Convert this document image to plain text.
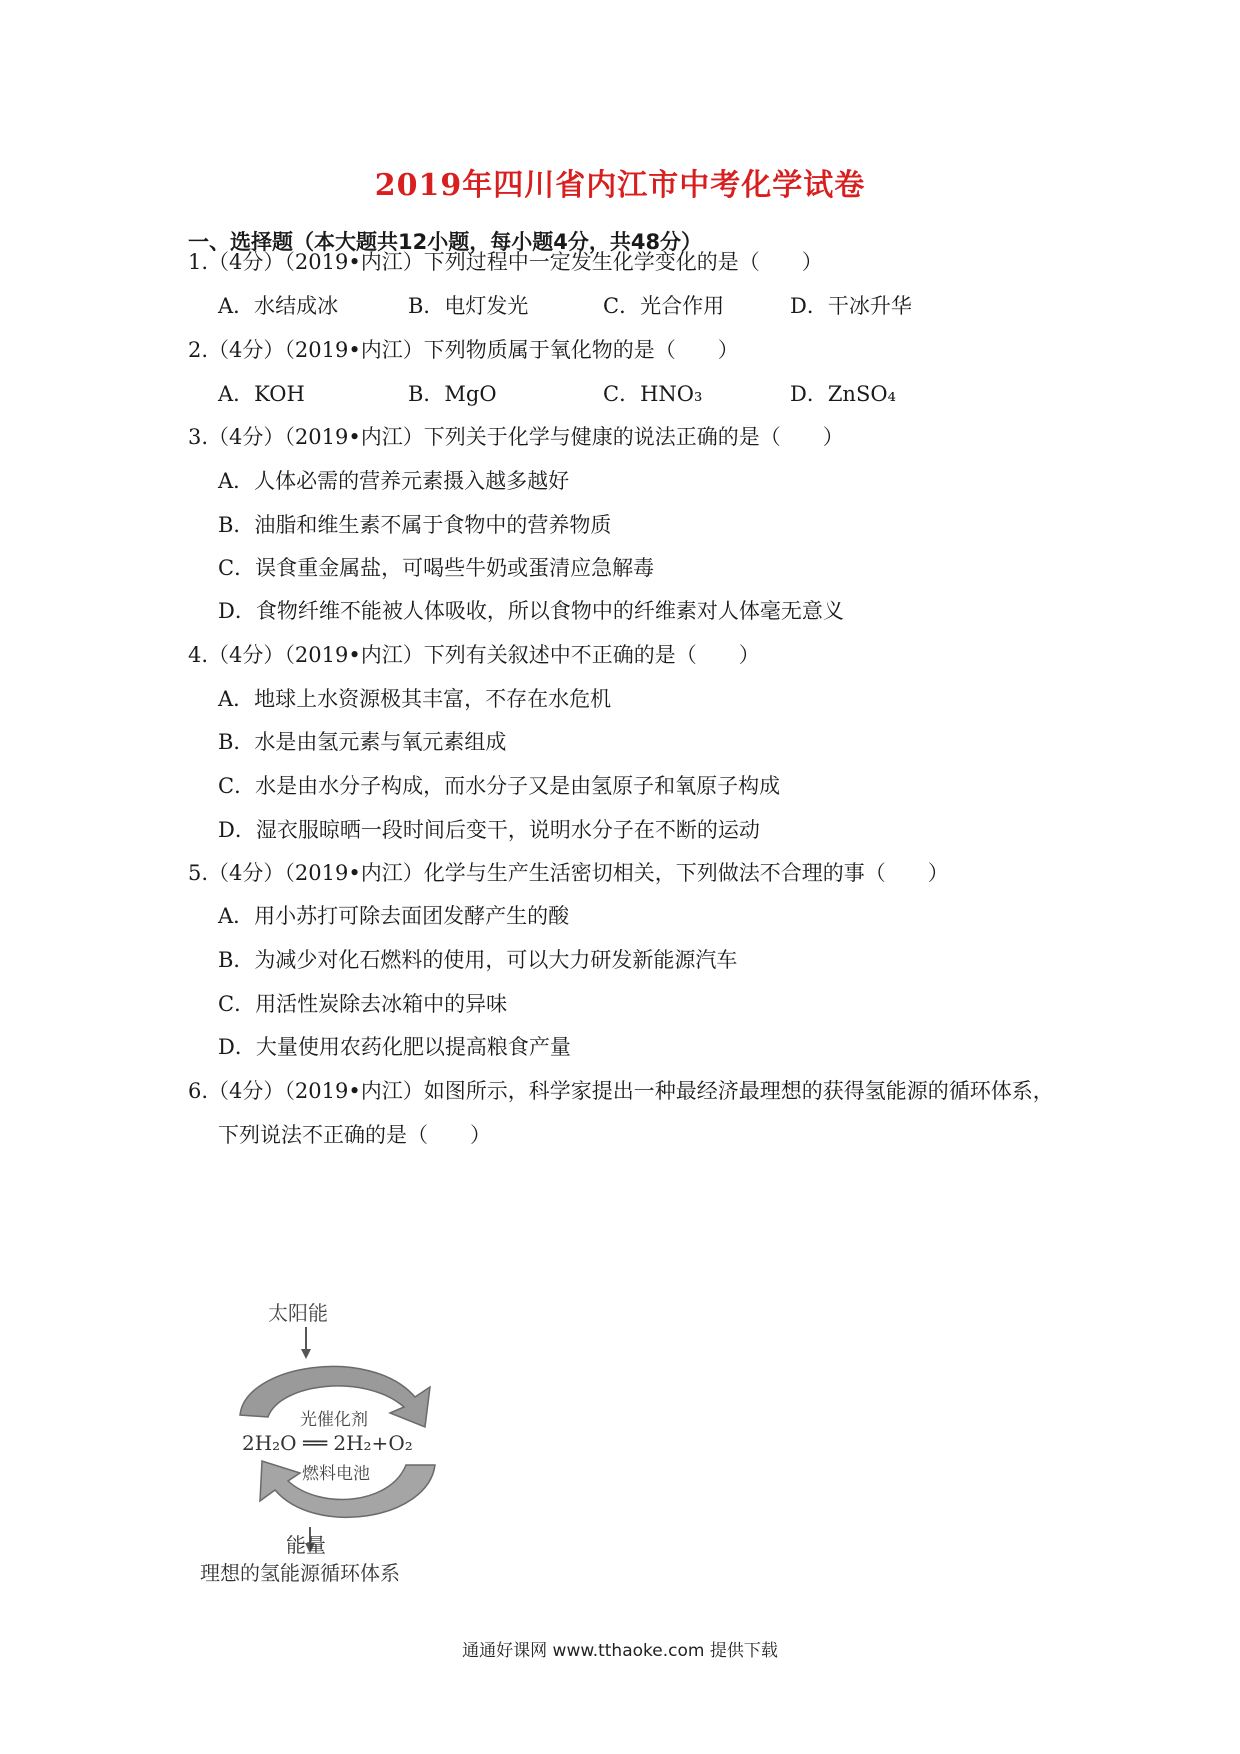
2019年四川省内江市中考化学试卷
一、选择题（本大题共12小题，每小题4分，共48分）
1.（4分）（2019•内江）下列过程中一定发生化学变化的是（　　）
A．水结成冰	B．电灯发光	C．光合作用	D．干冰升华
2.（4分）（2019•内江）下列物质属于氧化物的是（　　）
A．KOH	B．MgO	C．HNO₃	D．ZnSO₄
3.（4分）（2019•内江）下列关于化学与健康的说法正确的是（　　）
A．人体必需的营养元素摄入越多越好
B．油脂和维生素不属于食物中的营养物质
C．误食重金属盐，可喝些牛奶或蛋清应急解毒
D．食物纤维不能被人体吸收，所以食物中的纤维素对人体毫无意义
4.（4分）（2019•内江）下列有关叙述中不正确的是（　　）
A．地球上水资源极其丰富，不存在水危机
B．水是由氢元素与氧元素组成
C．水是由水分子构成，而水分子又是由氢原子和氧原子构成
D．湿衣服晾晒一段时间后变干，说明水分子在不断的运动
5.（4分）（2019•内江）化学与生产生活密切相关，下列做法不合理的事（　　）
A．用小苏打可除去面团发酵产生的酸
B．为减少对化石燃料的使用，可以大力研发新能源汽车
C．用活性炭除去冰箱中的异味
D．大量使用农药化肥以提高粮食产量
6.（4分）（2019•内江）如图所示，科学家提出一种最经济最理想的获得氢能源的循环体系，
下列说法不正确的是（　　）
太阳能
光催化剂
2H₂O ══ 2H₂+O₂
燃料电池
能量
理想的氢能源循环体系
通通好课网 www.tthaoke.com 提供下载
